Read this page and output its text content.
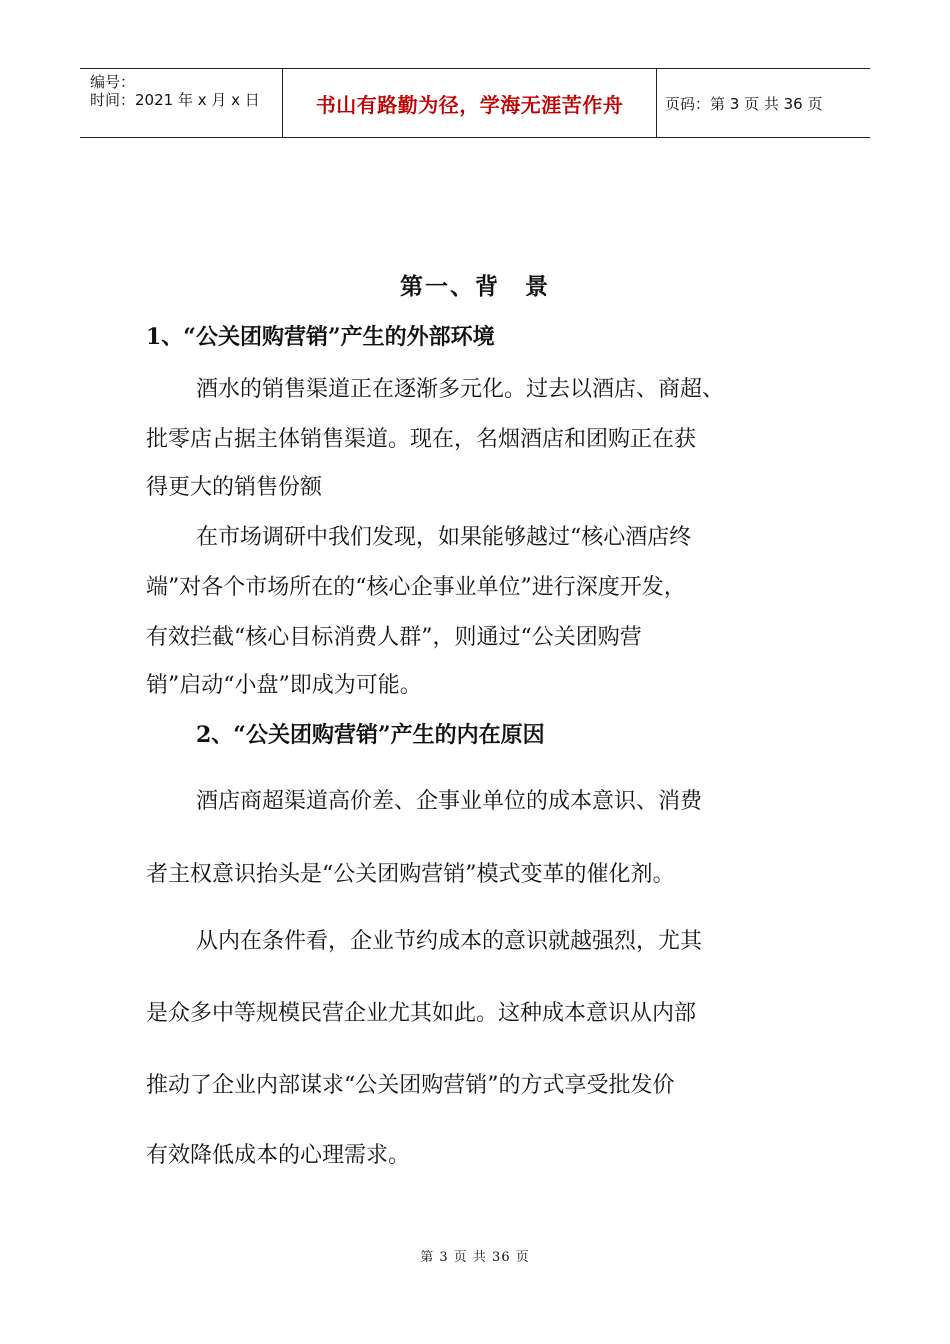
编号：
时间：2021 年 x 月 x 日	书山有路勤为径，学海无涯苦作舟	页码：第 3 页 共 36 页
第一、背　景
1、“公关团购营销”产生的外部环境
酒水的销售渠道正在逐渐多元化。过去以酒店、商超、
批零店占据主体销售渠道。现在，名烟酒店和团购正在获
得更大的销售份额
在市场调研中我们发现，如果能够越过“核心酒店终
端”对各个市场所在的“核心企事业单位”进行深度开发，
有效拦截“核心目标消费人群”，则通过“公关团购营
销”启动“小盘”即成为可能。
2、“公关团购营销”产生的内在原因
酒店商超渠道高价差、企事业单位的成本意识、消费
者主权意识抬头是“公关团购营销”模式变革的催化剂。
从内在条件看，企业节约成本的意识就越强烈，尤其
是众多中等规模民营企业尤其如此。这种成本意识从内部
推动了企业内部谋求“公关团购营销”的方式享受批发价
有效降低成本的心理需求。
第 3 页 共 36 页
